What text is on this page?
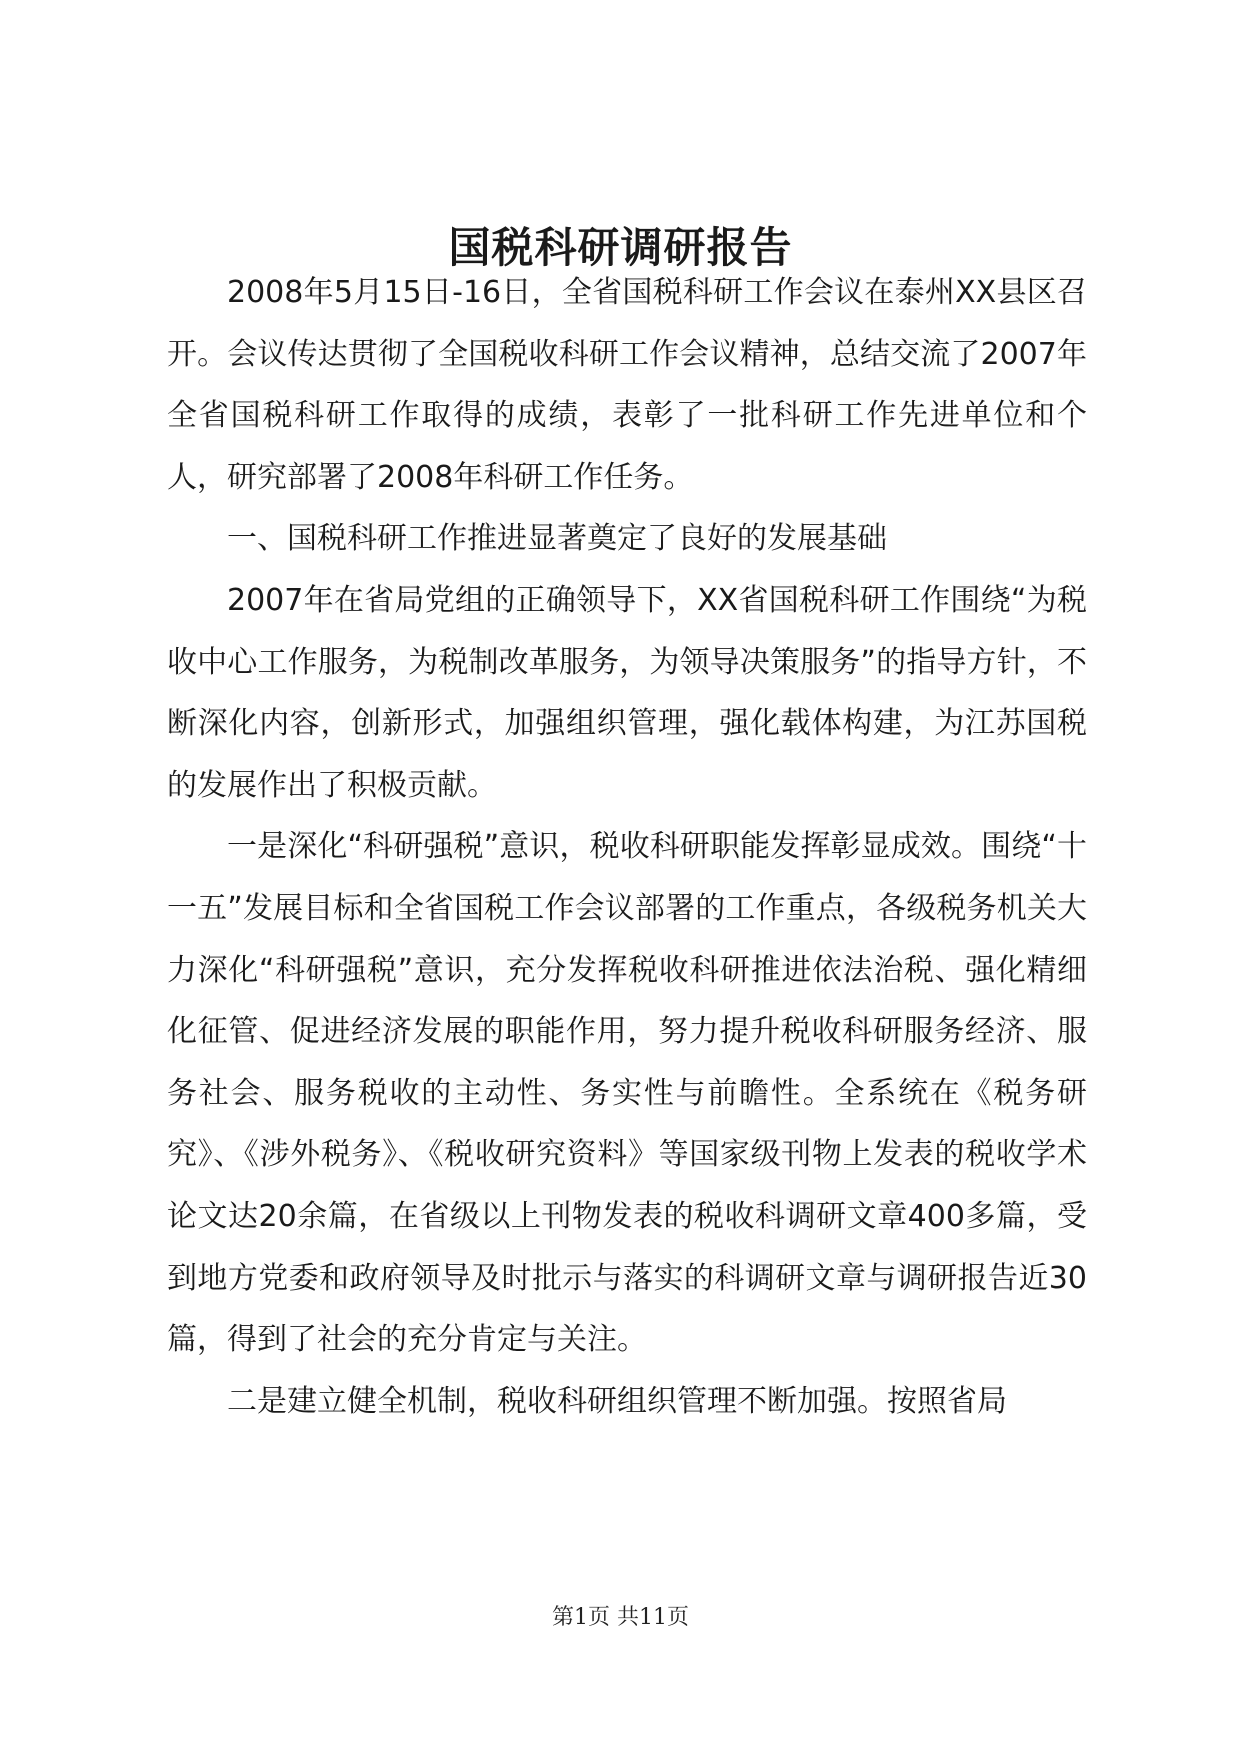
国税科研调研报告

2008年5月15日-16日，全省国税科研工作会议在泰州XX县区召开。会议传达贯彻了全国税收科研工作会议精神，总结交流了2007年全省国税科研工作取得的成绩，表彰了一批科研工作先进单位和个人，研究部署了2008年科研工作任务。

一、国税科研工作推进显著奠定了良好的发展基础

2007年在省局党组的正确领导下，XX省国税科研工作围绕“为税收中心工作服务，为税制改革服务，为领导决策服务”的指导方针，不断深化内容，创新形式，加强组织管理，强化载体构建，为江苏国税的发展作出了积极贡献。

一是深化“科研强税”意识，税收科研职能发挥彰显成效。围绕“十一五”发展目标和全省国税工作会议部署的工作重点，各级税务机关大力深化“科研强税”意识，充分发挥税收科研推进依法治税、强化精细化征管、促进经济发展的职能作用，努力提升税收科研服务经济、服务社会、服务税收的主动性、务实性与前瞻性。全系统在《税务研究》、《涉外税务》、《税收研究资料》等国家级刊物上发表的税收学术论文达20余篇，在省级以上刊物发表的税收科调研文章400多篇，受到地方党委和政府领导及时批示与落实的科调研文章与调研报告近30篇，得到了社会的充分肯定与关注。

二是建立健全机制，税收科研组织管理不断加强。按照省局

第1页 共11页
